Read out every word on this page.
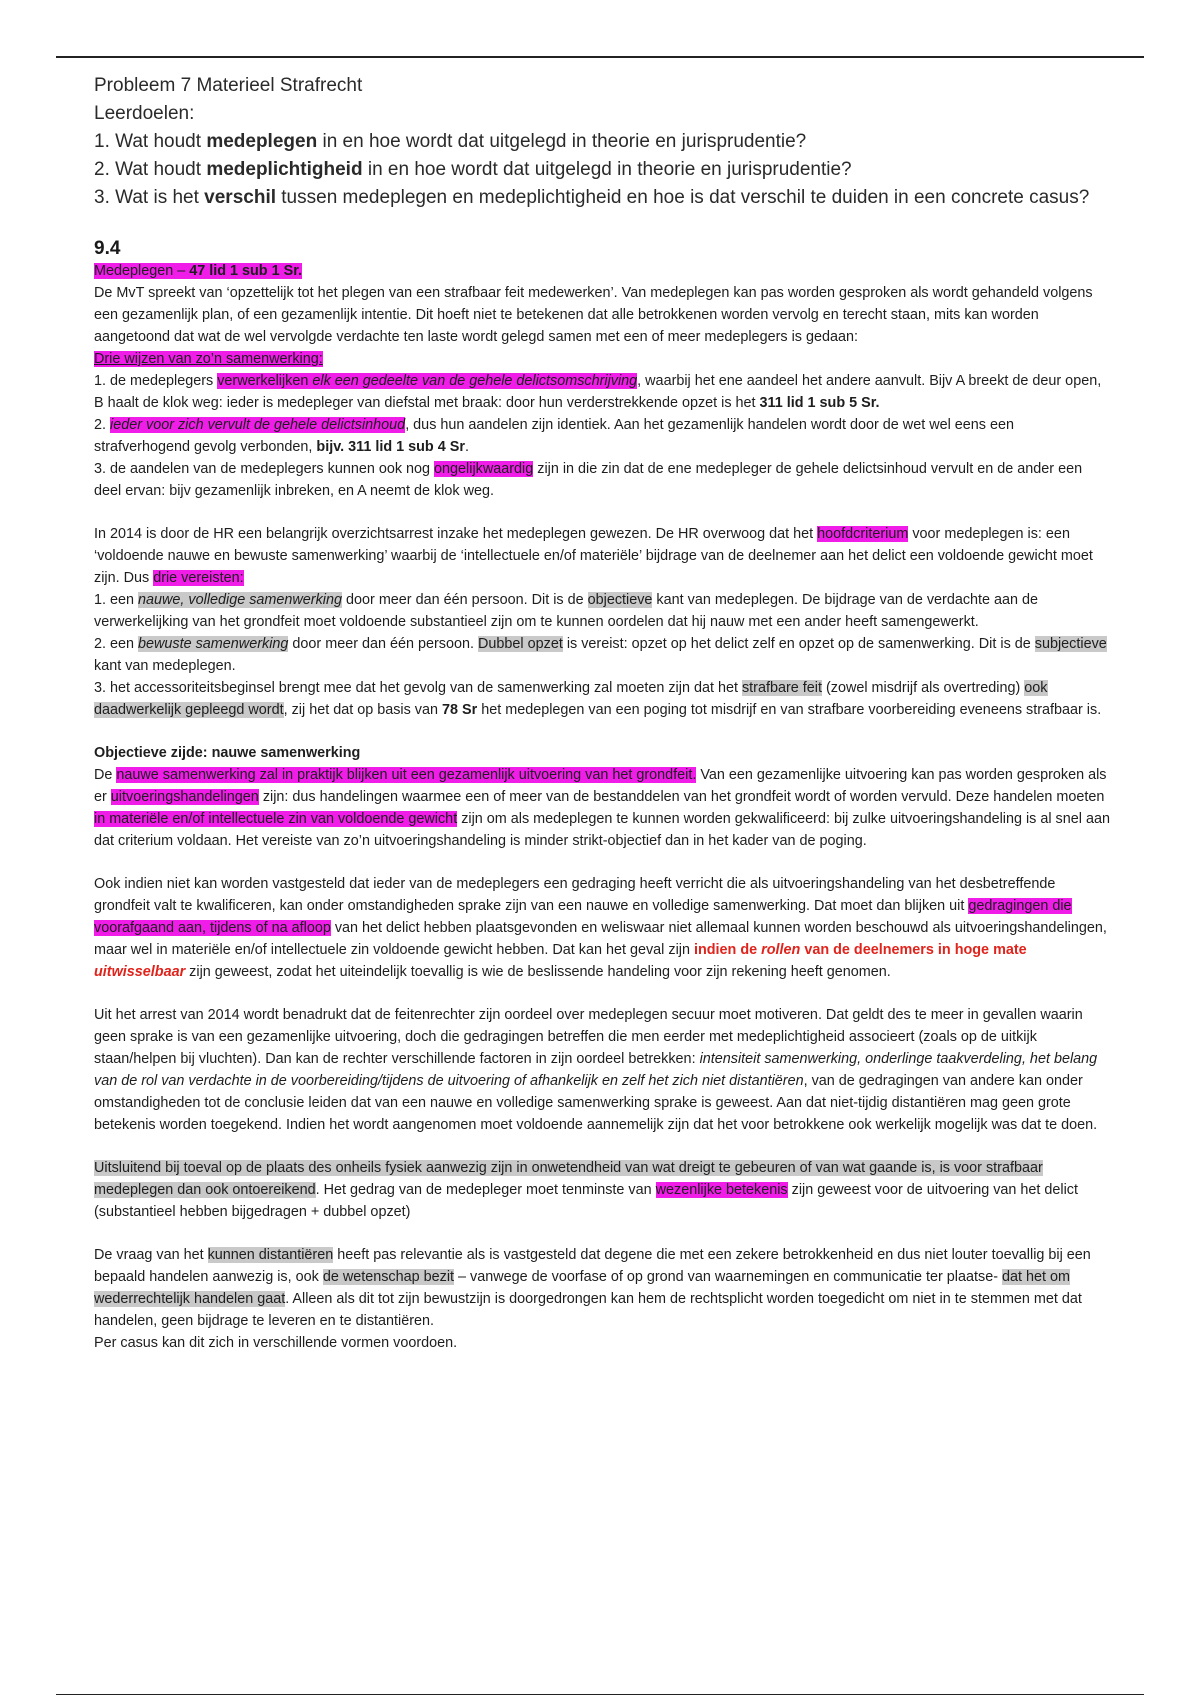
Probleem 7 Materieel Strafrecht

Leerdoelen:

1. Wat houdt medeplegen in en hoe wordt dat uitgelegd in theorie en jurisprudentie?

2. Wat houdt medeplichtigheid in en hoe wordt dat uitgelegd in theorie en jurisprudentie?

3. Wat is het verschil tussen medeplegen en medeplichtigheid en hoe is dat verschil te duiden in een concrete casus?

9.4

Medeplegen – 47 lid 1 sub 1 Sr.

De MvT spreekt van ‘opzettelijk tot het plegen van een strafbaar feit medewerken’. Van medeplegen kan pas worden gesproken als wordt gehandeld volgens een gezamenlijk plan, of een gezamenlijk intentie. Dit hoeft niet te betekenen dat alle betrokkenen worden vervolg en terecht staan, mits kan worden aangetoond dat wat de wel vervolgde verdachte ten laste wordt gelegd samen met een of meer medeplegers is gedaan:

Drie wijzen van zo’n samenwerking:

1. de medeplegers verwerkelijken elk een gedeelte van de gehele delictsomschrijving, waarbij het ene aandeel het andere aanvult. Bijv A breekt de deur open, B haalt de klok weg: ieder is medepleger van diefstal met braak: door hun verderstrekkende opzet is het 311 lid 1 sub 5 Sr.

2. ieder voor zich vervult de gehele delictsinhoud, dus hun aandelen zijn identiek. Aan het gezamenlijk handelen wordt door de wet wel eens een strafverhogend gevolg verbonden, bijv. 311 lid 1 sub 4 Sr.

3. de aandelen van de medeplegers kunnen ook nog ongelijkwaardig zijn in die zin dat de ene medepleger de gehele delictsinhoud vervult en de ander een deel ervan: bijv gezamenlijk inbreken, en A neemt de klok weg.

In 2014 is door de HR een belangrijk overzichtsarrest inzake het medeplegen gewezen. De HR overwoog dat het hoofdcriterium voor medeplegen is: een ‘voldoende nauwe en bewuste samenwerking’ waarbij de ‘intellectuele en/of materiële’ bijdrage van de deelnemer aan het delict een voldoende gewicht moet zijn. Dus drie vereisten:

1. een nauwe, volledige samenwerking door meer dan één persoon. Dit is de objectieve kant van medeplegen. De bijdrage van de verdachte aan de verwerkelijking van het grondfeit moet voldoende substantieel zijn om te kunnen oordelen dat hij nauw met een ander heeft samengewerkt.

2. een bewuste samenwerking door meer dan één persoon. Dubbel opzet is vereist: opzet op het delict zelf en opzet op de samenwerking. Dit is de subjectieve kant van medeplegen.

3. het accessoriteitsbeginsel brengt mee dat het gevolg van de samenwerking zal moeten zijn dat het strafbare feit (zowel misdrijf als overtreding) ook daadwerkelijk gepleegd wordt, zij het dat op basis van 78 Sr het medeplegen van een poging tot misdrijf en van strafbare voorbereiding eveneens strafbaar is.

Objectieve zijde: nauwe samenwerking

De nauwe samenwerking zal in praktijk blijken uit een gezamenlijk uitvoering van het grondfeit. Van een gezamenlijke uitvoering kan pas worden gesproken als er uitvoeringshandelingen zijn: dus handelingen waarmee een of meer van de bestanddelen van het grondfeit wordt of worden vervuld. Deze handelen moeten in materiële en/of intellectuele zin van voldoende gewicht zijn om als medeplegen te kunnen worden gekwalificeerd: bij zulke uitvoeringshandeling is al snel aan dat criterium voldaan. Het vereiste van zo’n uitvoeringshandeling is minder strikt-objectief dan in het kader van de poging.

Ook indien niet kan worden vastgesteld dat ieder van de medeplegers een gedraging heeft verricht die als uitvoeringshandeling van het desbetreffende grondfeit valt te kwalificeren, kan onder omstandigheden sprake zijn van een nauwe en volledige samenwerking. Dat moet dan blijken uit gedragingen die voorafgaand aan, tijdens of na afloop van het delict hebben plaatsgevonden en weliswaar niet allemaal kunnen worden beschouwd als uitvoeringshandelingen, maar wel in materiële en/of intellectuele zin voldoende gewicht hebben. Dat kan het geval zijn indien de rollen van de deelnemers in hoge mate uitwisselbaar zijn geweest, zodat het uiteindelijk toevallig is wie de beslissende handeling voor zijn rekening heeft genomen.

Uit het arrest van 2014 wordt benadrukt dat de feitenrechter zijn oordeel over medeplegen secuur moet motiveren. Dat geldt des te meer in gevallen waarin geen sprake is van een gezamenlijke uitvoering, doch die gedragingen betreffen die men eerder met medeplichtigheid associeert (zoals op de uitkijk staan/helpen bij vluchten). Dan kan de rechter verschillende factoren in zijn oordeel betrekken: intensiteit samenwerking, onderlinge taakverdeling, het belang van de rol van verdachte in de voorbereiding/tijdens de uitvoering of afhankelijk en zelf het zich niet distantiëren, van de gedragingen van andere kan onder omstandigheden tot de conclusie leiden dat van een nauwe en volledige samenwerking sprake is geweest. Aan dat niet-tijdig distantiëren mag geen grote betekenis worden toegekend. Indien het wordt aangenomen moet voldoende aannemelijk zijn dat het voor betrokkene ook werkelijk mogelijk was dat te doen.

Uitsluitend bij toeval op de plaats des onheils fysiek aanwezig zijn in onwetendheid van wat dreigt te gebeuren of van wat gaande is, is voor strafbaar medeplegen dan ook ontoereikend. Het gedrag van de medepleger moet tenminste van wezenlijke betekenis zijn geweest voor de uitvoering van het delict (substantieel hebben bijgedragen + dubbel opzet)

De vraag van het kunnen distantiëren heeft pas relevantie als is vastgesteld dat degene die met een zekere betrokkenheid en dus niet louter toevallig bij een bepaald handelen aanwezig is, ook de wetenschap bezit – vanwege de voorfase of op grond van waarnemingen en communicatie ter plaatse- dat het om wederrechtelijk handelen gaat. Alleen als dit tot zijn bewustzijn is doorgedrongen kan hem de rechtsplicht worden toegedicht om niet in te stemmen met dat handelen, geen bijdrage te leveren en te distantiëren.

Per casus kan dit zich in verschillende vormen voordoen.
